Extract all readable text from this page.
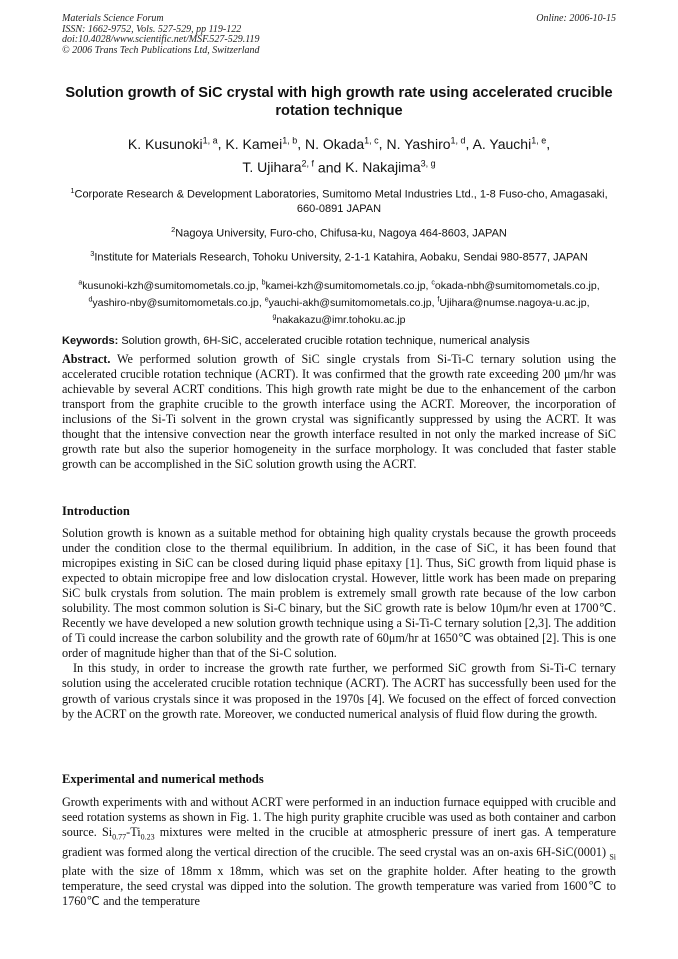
Materials Science Forum	Online: 2006-10-15
ISSN: 1662-9752, Vols. 527-529, pp 119-122
doi:10.4028/www.scientific.net/MSF.527-529.119
© 2006 Trans Tech Publications Ltd, Switzerland
Solution growth of SiC crystal with high growth rate using accelerated crucible rotation technique
K. Kusunoki$^{1, a}$, K. Kamei$^{1, b}$, N. Okada$^{1, c}$, N. Yashiro$^{1, d}$, A. Yauchi$^{1, e}$,
T. Ujihara$^{2, f}$ and K. Nakajima$^{3, g}$

$^1$Corporate Research & Development Laboratories, Sumitomo Metal Industries Ltd., 1-8 Fuso-cho, Amagasaki, 660-0891 JAPAN

$^2$Nagoya University, Furo-cho, Chifusa-ku, Nagoya 464-8603, JAPAN

$^3$Institute for Materials Research, Tohoku University, 2-1-1 Katahira, Aobaku, Sendai 980-8577, JAPAN

$^a$kusunoki-kzh@sumitomometals.co.jp, $^b$kamei-kzh@sumitomometals.co.jp, $^c$okada-nbh@sumitomometals.co.jp, $^d$yashiro-nby@sumitomometals.co.jp, $^e$yauchi-akh@sumitomometals.co.jp, $^f$Ujihara@numse.nagoya-u.ac.jp, $^g$nakakazu@imr.tohoku.ac.jp
Keywords: Solution growth, 6H-SiC, accelerated crucible rotation technique, numerical analysis

Abstract. We performed solution growth of SiC single crystals from Si-Ti-C ternary solution using the accelerated crucible rotation technique (ACRT). It was confirmed that the growth rate exceeding 200 μm/hr was achievable by several ACRT conditions. This high growth rate might be due to the enhancement of the carbon transport from the graphite crucible to the growth interface using the ACRT. Moreover, the incorporation of inclusions of the Si-Ti solvent in the grown crystal was significantly suppressed by using the ACRT. It was thought that the intensive convection near the growth interface resulted in not only the marked increase of SiC growth rate but also the superior homogeneity in the surface morphology. It was concluded that faster stable growth can be accomplished in the SiC solution growth using the ACRT.

Introduction

Solution growth is known as a suitable method for obtaining high quality crystals because the growth proceeds under the condition close to the thermal equilibrium. In addition, in the case of SiC, it has been found that micropipes existing in SiC can be closed during liquid phase epitaxy [1]. Thus, SiC growth from liquid phase is expected to obtain micropipe free and low dislocation crystal. However, little work has been made on preparing SiC bulk crystals from solution. The main problem is extremely small growth rate because of the low carbon solubility. The most common solution is Si-C binary, but the SiC growth rate is below 10μm/hr even at 1700℃. Recently we have developed a new solution growth technique using a Si-Ti-C ternary solution [2,3]. The addition of Ti could increase the carbon solubility and the growth rate of 60μm/hr at 1650℃ was obtained [2]. This is one order of magnitude higher than that of the Si-C solution.

In this study, in order to increase the growth rate further, we performed SiC growth from Si-Ti-C ternary solution using the accelerated crucible rotation technique (ACRT). The ACRT has successfully been used for the growth of various crystals since it was proposed in the 1970s [4]. We focused on the effect of forced convection by the ACRT on the growth rate. Moreover, we conducted numerical analysis of fluid flow during the growth.

Experimental and numerical methods

Growth experiments with and without ACRT were performed in an induction furnace equipped with crucible and seed rotation systems as shown in Fig. 1. The high purity graphite crucible was used as both container and carbon source. $Si_{0.77}-Ti_{0.23}$ mixtures were melted in the crucible at atmospheric pressure of inert gas. A temperature gradient was formed along the vertical direction of the crucible. The seed crystal was an on-axis 6H-SiC(0001) $_{Si}$ plate with the size of 18mm x 18mm, which was set on the graphite holder. After heating to the growth temperature, the seed crystal was dipped into the solution. The growth temperature was varied from 1600℃ to 1760℃ and the temperature
